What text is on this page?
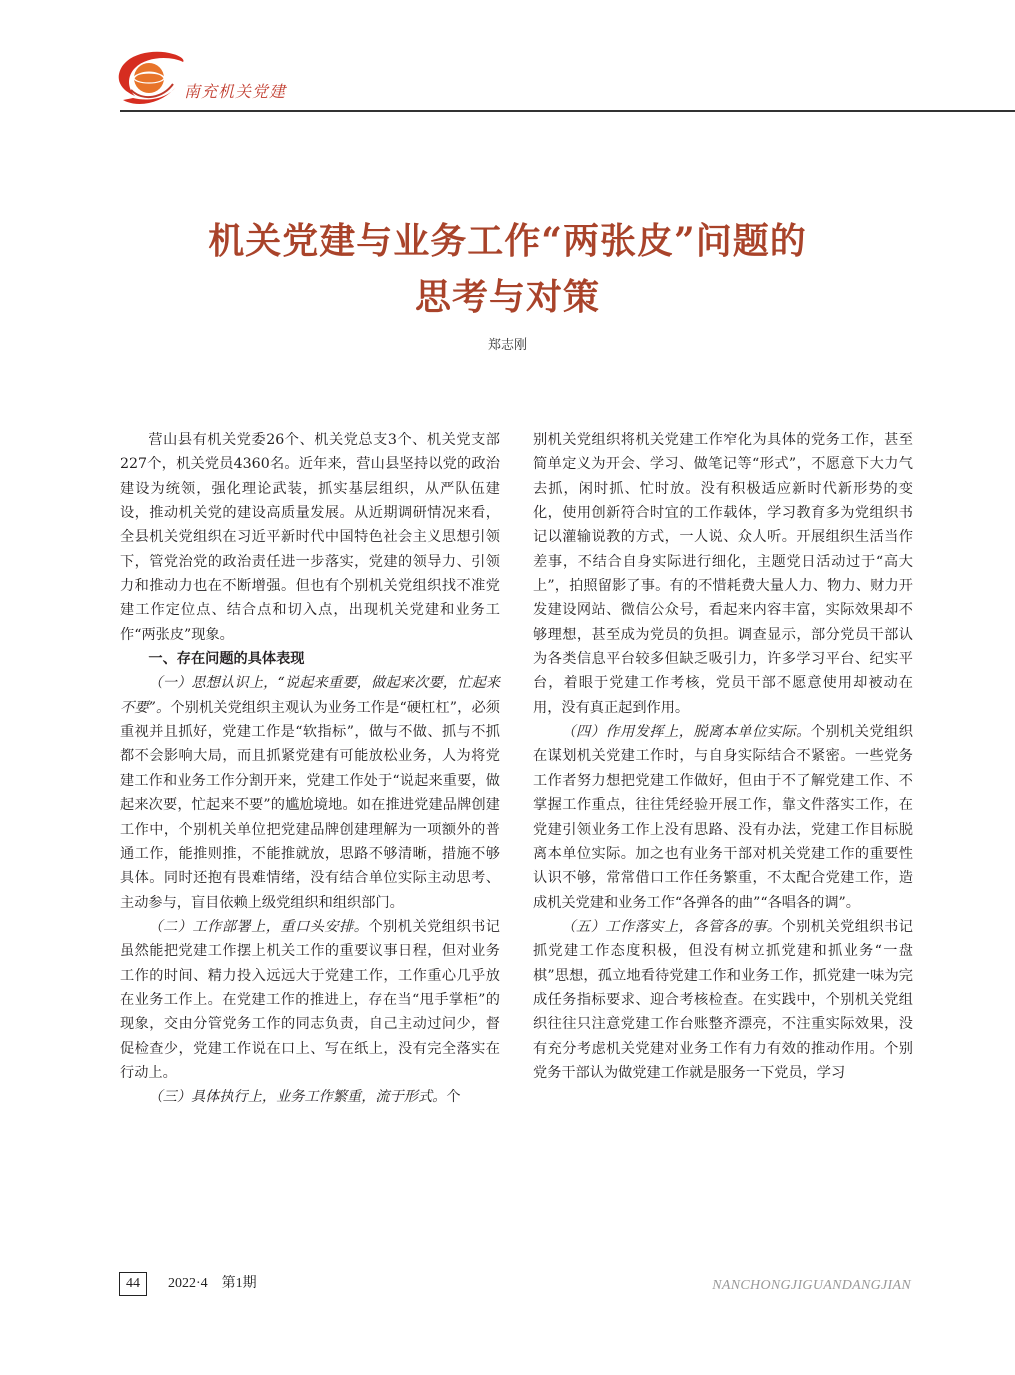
南充机关党建
机关党建与业务工作“两张皮”问题的
思考与对策
郑志刚

营山县有机关党委26个、机关党总支3个、机关党支部227个，机关党员4360名。近年来，营山县坚持以党的政治建设为统领，强化理论武装，抓实基层组织，从严队伍建设，推动机关党的建设高质量发展。从近期调研情况来看，全县机关党组织在习近平新时代中国特色社会主义思想引领下，管党治党的政治责任进一步落实，党建的领导力、引领力和推动力也在不断增强。但也有个别机关党组织找不准党建工作定位点、结合点和切入点，出现机关党建和业务工作“两张皮”现象。

一、存在问题的具体表现

（一）思想认识上，“说起来重要，做起来次要，忙起来不要”。个别机关党组织主观认为业务工作是“硬杠杠”，必须重视并且抓好，党建工作是“软指标”，做与不做、抓与不抓都不会影响大局，而且抓紧党建有可能放松业务，人为将党建工作和业务工作分割开来，党建工作处于“说起来重要，做起来次要，忙起来不要”的尴尬境地。如在推进党建品牌创建工作中，个别机关单位把党建品牌创建理解为一项额外的普通工作，能推则推，不能推就放，思路不够清晰，措施不够具体。同时还抱有畏难情绪，没有结合单位实际主动思考、主动参与，盲目依赖上级党组织和组织部门。

（二）工作部署上，重口头安排。个别机关党组织书记虽然能把党建工作摆上机关工作的重要议事日程，但对业务工作的时间、精力投入远远大于党建工作，工作重心几乎放在业务工作上。在党建工作的推进上，存在当“甩手掌柜”的现象，交由分管党务工作的同志负责，自己主动过问少，督促检查少，党建工作说在口上、写在纸上，没有完全落实在行动上。

（三）具体执行上，业务工作繁重，流于形式。个

别机关党组织将机关党建工作窄化为具体的党务工作，甚至简单定义为开会、学习、做笔记等“形式”，不愿意下大力气去抓，闲时抓、忙时放。没有积极适应新时代新形势的变化，使用创新符合时宜的工作载体，学习教育多为党组织书记以灌输说教的方式，一人说、众人听。开展组织生活当作差事，不结合自身实际进行细化，主题党日活动过于“高大上”，拍照留影了事。有的不惜耗费大量人力、物力、财力开发建设网站、微信公众号，看起来内容丰富，实际效果却不够理想，甚至成为党员的负担。调查显示，部分党员干部认为各类信息平台较多但缺乏吸引力，许多学习平台、纪实平台，着眼于党建工作考核，党员干部不愿意使用却被动在用，没有真正起到作用。

（四）作用发挥上，脱离本单位实际。个别机关党组织在谋划机关党建工作时，与自身实际结合不紧密。一些党务工作者努力想把党建工作做好，但由于不了解党建工作、不掌握工作重点，往往凭经验开展工作，靠文件落实工作，在党建引领业务工作上没有思路、没有办法，党建工作目标脱离本单位实际。加之也有业务干部对机关党建工作的重要性认识不够，常常借口工作任务繁重，不太配合党建工作，造成机关党建和业务工作“各弹各的曲”“各唱各的调”。

（五）工作落实上，各管各的事。个别机关党组织书记抓党建工作态度积极，但没有树立抓党建和抓业务“一盘棋”思想，孤立地看待党建工作和业务工作，抓党建一味为完成任务指标要求、迎合考核检查。在实践中，个别机关党组织往往只注意党建工作台账整齐漂亮，不注重实际效果，没有充分考虑机关党建对业务工作有力有效的推动作用。个别党务干部认为做党建工作就是服务一下党员，学习

44	2022·4　第1期	NANCHONGJIGUANDANGJIAN
